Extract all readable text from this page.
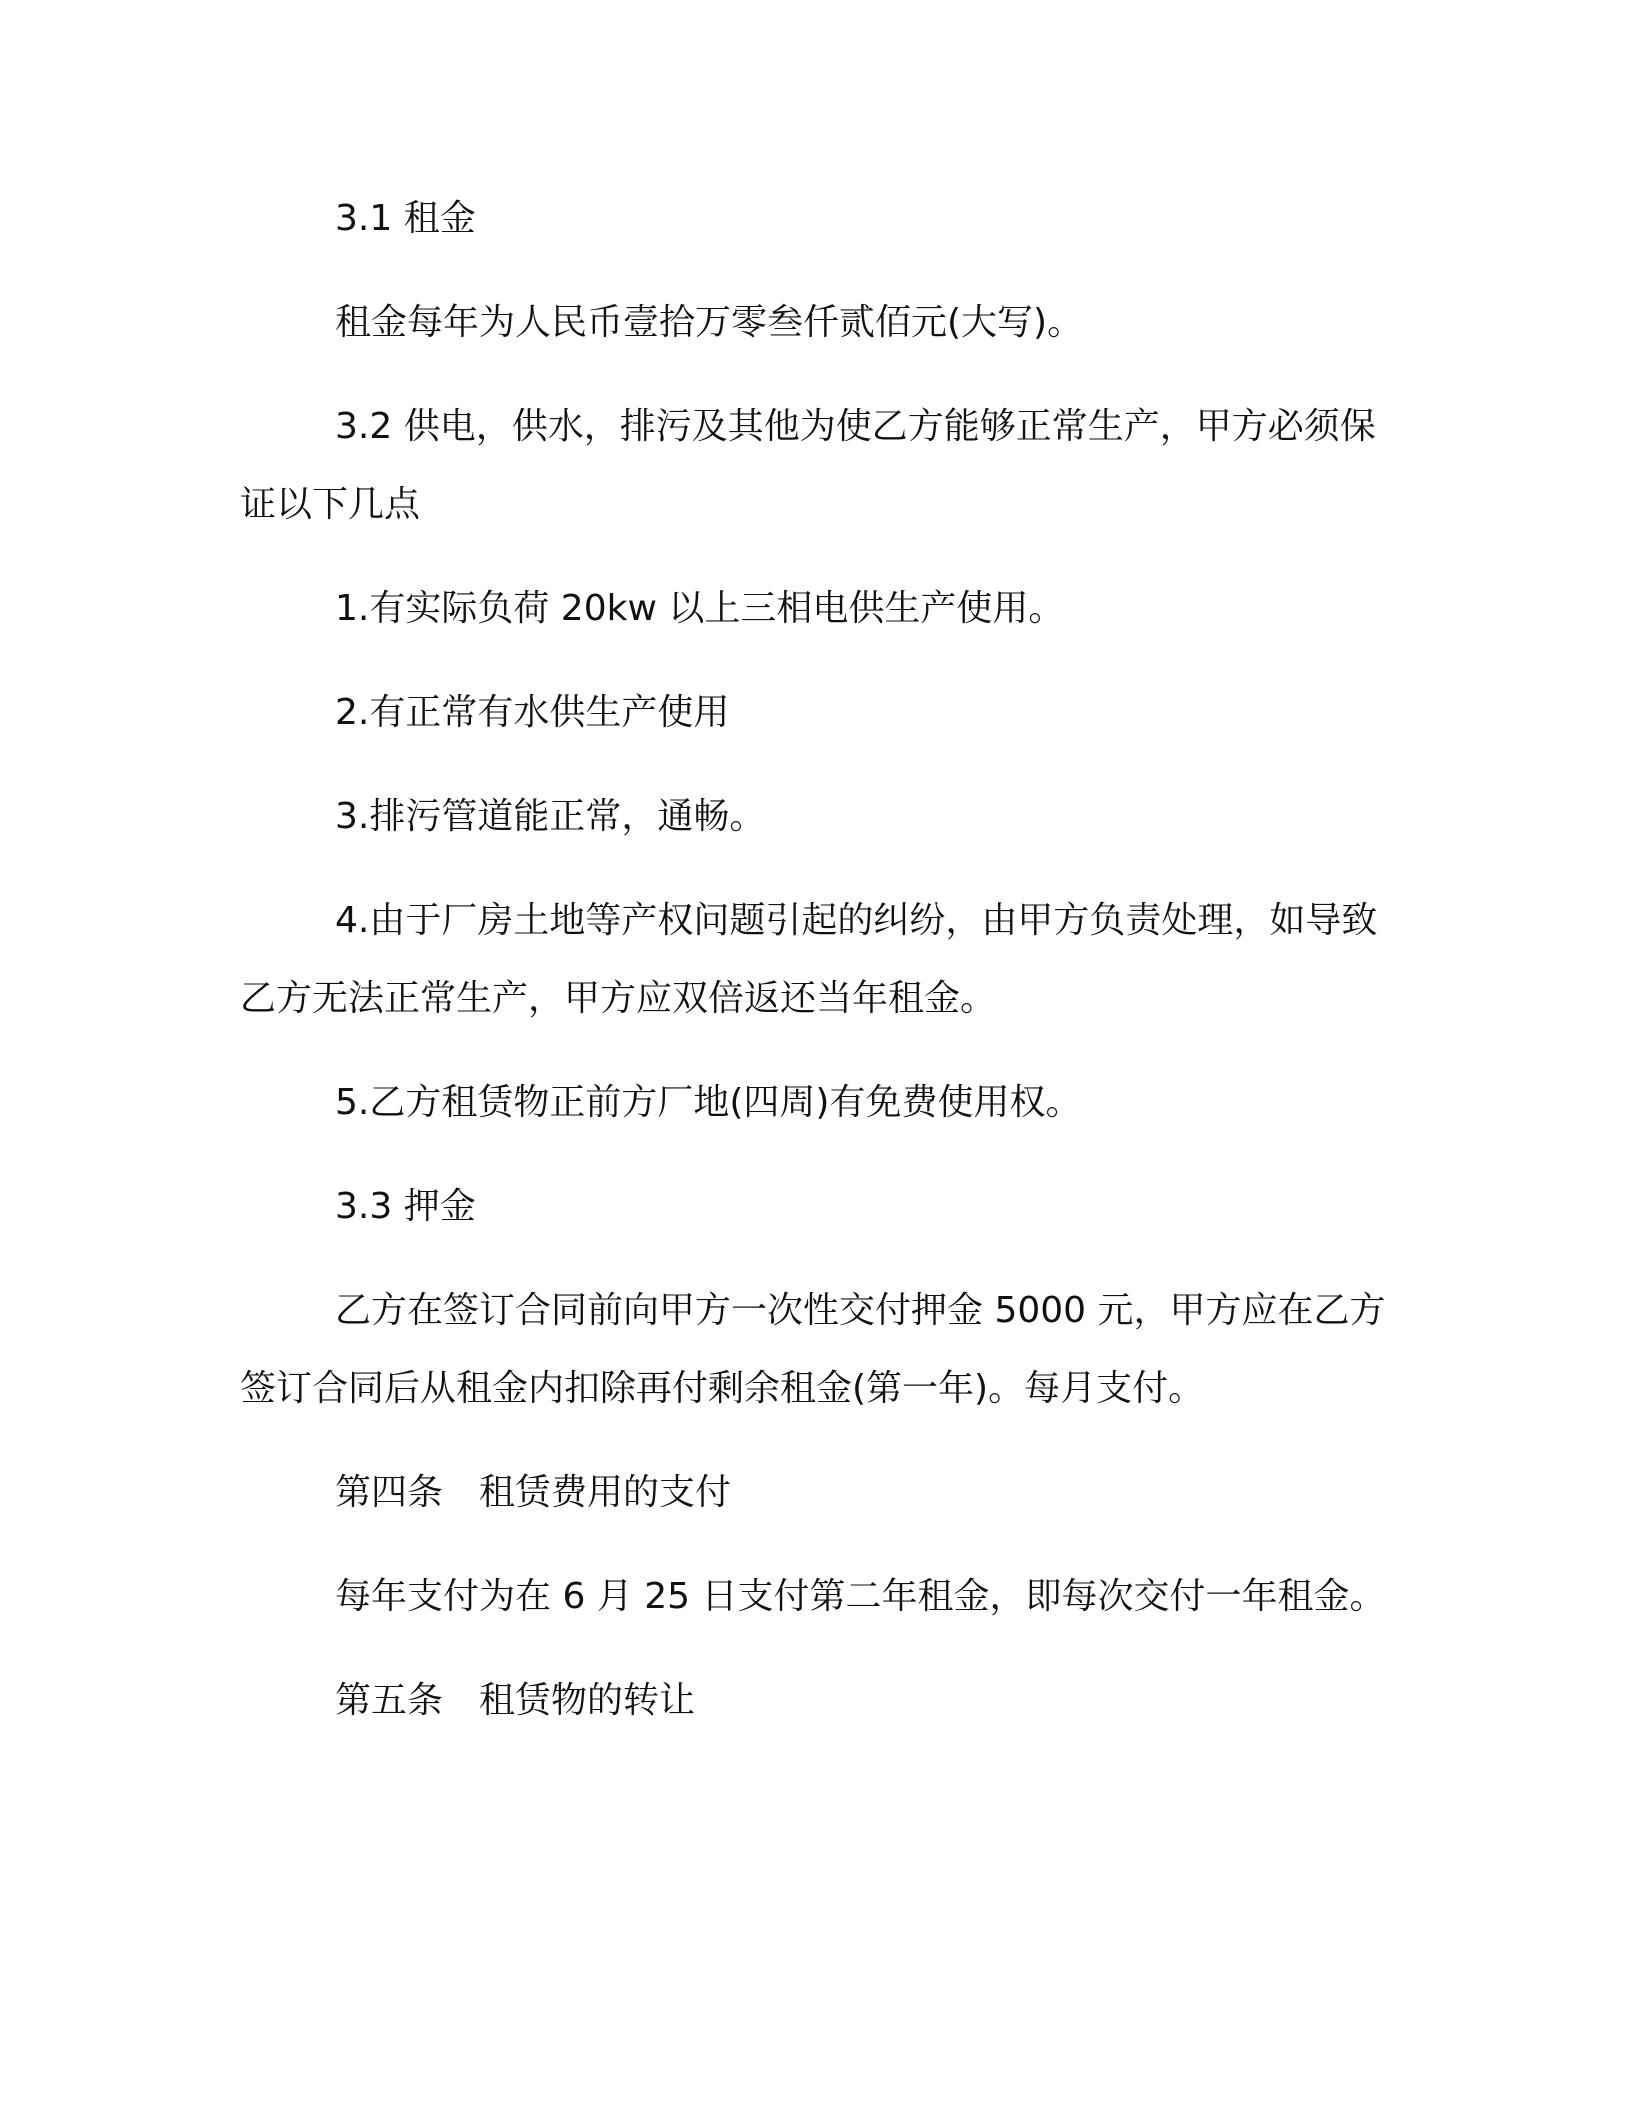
3.1 租金

租金每年为人民币壹拾万零叁仟贰佰元(大写)。

3.2 供电，供水，排污及其他为使乙方能够正常生产，甲方必须保证以下几点

1.有实际负荷 20kw 以上三相电供生产使用。

2.有正常有水供生产使用

3.排污管道能正常，通畅。

4.由于厂房土地等产权问题引起的纠纷，由甲方负责处理，如导致乙方无法正常生产，甲方应双倍返还当年租金。

5.乙方租赁物正前方厂地(四周)有免费使用权。

3.3 押金

乙方在签订合同前向甲方一次性交付押金 5000 元，甲方应在乙方签订合同后从租金内扣除再付剩余租金(第一年)。每月支付。

第四条　租赁费用的支付

每年支付为在 6 月 25 日支付第二年租金，即每次交付一年租金。

第五条　租赁物的转让
